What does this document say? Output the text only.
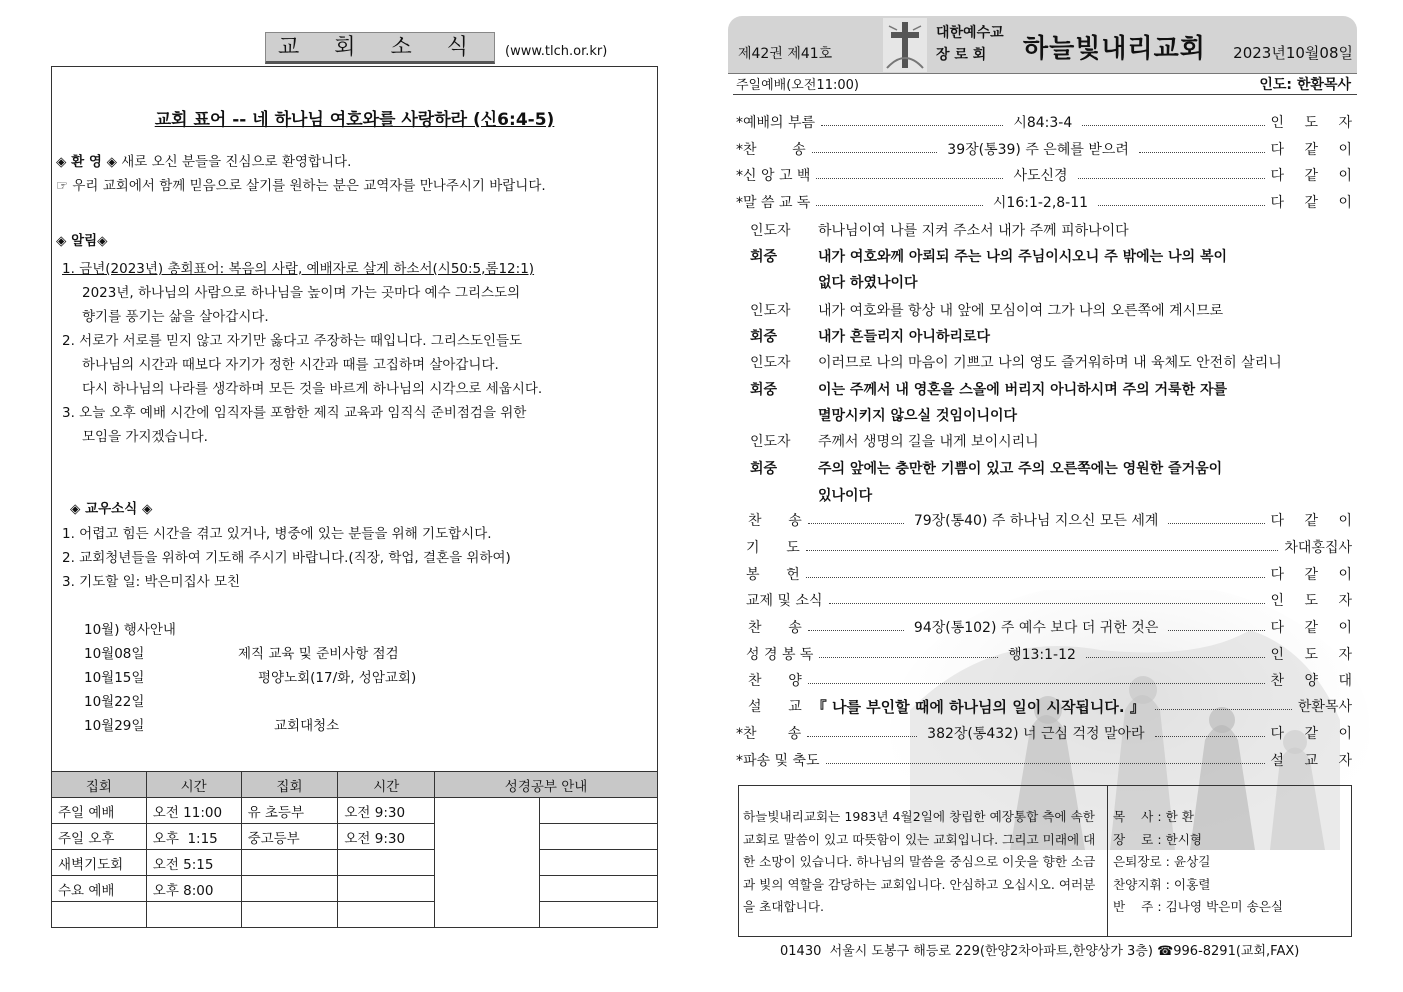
교 회 소 식	(www.tlch.or.kr)
교회 표어 -- 네 하나님 여호와를 사랑하라 (신6:4-5)
◈ 환 영 ◈ 새로 오신 분들을 진심으로 환영합니다.
☞ 우리 교회에서 함께 믿음으로 살기를 원하는 분은 교역자를 만나주시기 바랍니다.
◈ 알림◈
1. 금년(2023년) 총회표어: 복음의 사람, 예배자로 살게 하소서(시50:5,롬12:1)
2023년, 하나님의 사람으로 하나님을 높이며 가는 곳마다 예수 그리스도의
향기를 풍기는 삶을 살아갑시다.
2. 서로가 서로를 믿지 않고 자기만 옳다고 주장하는 때입니다. 그리스도인들도
하나님의 시간과 때보다 자기가 정한 시간과 때를 고집하며 살아갑니다.
다시 하나님의 나라를 생각하며 모든 것을 바르게 하나님의 시각으로 세웁시다.
3. 오늘 오후 예배 시간에 임직자를 포함한 제직 교육과 임직식 준비점검을 위한
모임을 가지겠습니다.
◈ 교우소식 ◈
1. 어렵고 힘든 시간을 겪고 있거나, 병중에 있는 분들을 위해 기도합시다.
2. 교회청년들을 위하여 기도해 주시기 바랍니다.(직장, 학업, 결혼을 위하여)
3. 기도할 일: 박은미집사 모친
10월) 행사안내
10월08일	제직 교육 및 준비사항 점검
10월15일	평양노회(17/화, 성암교회)
10월22일
10월29일	교회대청소
집회	시간	집회	시간	성경공부 안내	
주일 예배	오전 11:00	유 초등부	오전 9:30		
주일 오후	오후  1:15	중고등부	오전 9:30		
새벽기도회	오전 5:15				
수요 예배	오후 8:00				

제42권 제41호
대한예수교
장 로 회	하늘빛내리교회 2023년10월08일
주일예배(오전11:00)	인도: 한환목사
*예배의 부름	시84:3-4	인 도 자
*찬        송	39장(통39) 주 은혜를 받으려	다 같 이
*신 앙 고 백	사도신경	다 같 이
*말 씀 교 독	시16:1-2,8-11	다 같 이
인도자 하나님이여 나를 지켜 주소서 내가 주께 피하나이다
회중	내가 여호와께 아뢰되 주는 나의 주님이시오니 주 밖에는 나의 복이
없다 하였나이다
인도자 내가 여호와를 항상 내 앞에 모심이여 그가 나의 오른쪽에 계시므로
회중	내가 흔들리지 아니하리로다
인도자 이러므로 나의 마음이 기쁘고 나의 영도 즐거워하며 내 육체도 안전히 살리니
회중	이는 주께서 내 영혼을 스올에 버리지 아니하시며 주의 거룩한 자를
멸망시키지 않으실 것임이니이다
인도자 주께서 생명의 길을 내게 보이시리니
회중	주의 앞에는 충만한 기쁨이 있고 주의 오른쪽에는 영원한 즐거움이
있나이다
찬      송	79장(통40) 주 하나님 지으신 모든 세계	다 같 이
기      도	차대홍집사
봉      헌	다 같 이
교제 및 소식	인 도 자
찬      송	94장(통102) 주 예수 보다 더 귀한 것은	다 같 이
성 경 봉 독	행13:1-12	인 도 자
찬      양	찬 양 대
설      교 『 나를 부인할 때에 하나님의 일이 시작됩니다. 』	한환목사
*찬       송	382장(통432) 너 근심 걱정 말아라	다 같 이
*파송 및 축도	설 교 자
하늘빛내리교회는 1983년 4월2일에 창립한 예장통합 측에 속한 교회로 말씀이 있고 따뜻함이 있는 교회입니다. 그리고 미래에 대한 소망이 있습니다. 하나님의 말씀을 중심으로 이웃을 향한 소금과 빛의 역할을 감당하는 교회입니다. 안심하고 오십시오. 여러분을 초대합니다.
목    사 : 한 환
장    로 : 한시형
은퇴장로 : 윤상길
찬양지휘 : 이홍렬
반    주 : 김나영 박은미 송은실
01430  서울시 도봉구 해등로 229(한양2차아파트,한양상가 3층) ☎996-8291(교회,FAX)
